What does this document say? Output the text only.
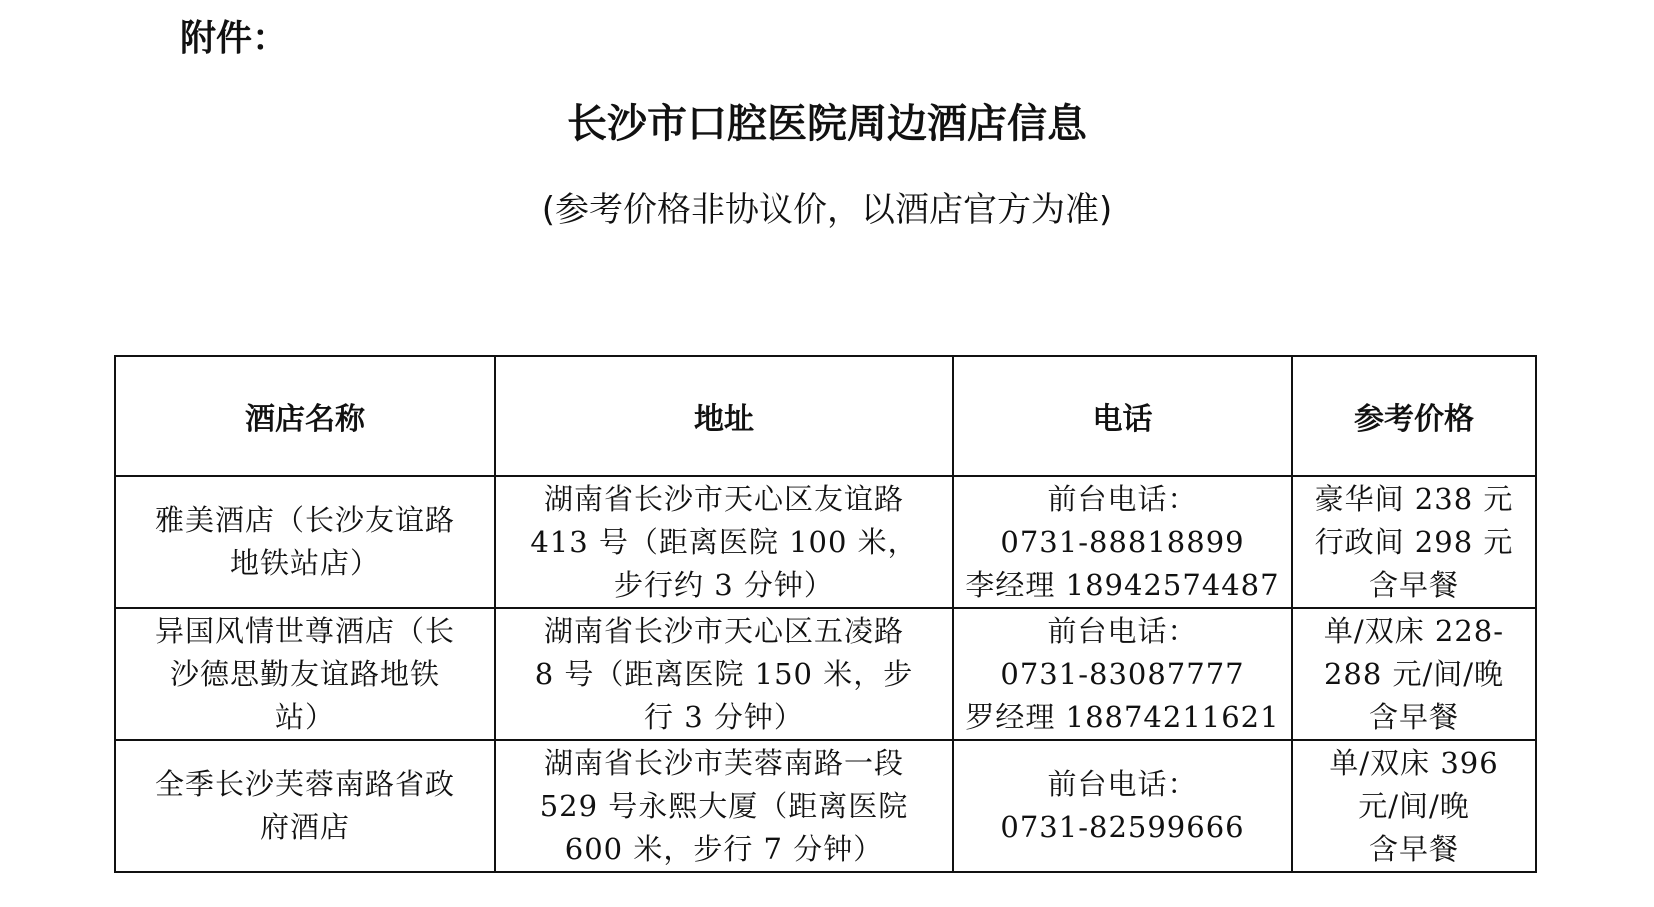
附件：

长沙市口腔医院周边酒店信息

(参考价格非协议价，以酒店官方为准)

酒店名称	地址	电话	参考价格

雅美酒店（长沙友谊路
地铁站店）	湖南省长沙市天心区友谊路
413 号（距离医院 100 米，
步行约 3 分钟）	前台电话：
0731-88818899
李经理 18942574487	豪华间 238 元
行政间 298 元
含早餐

异国风情世尊酒店（长
沙德思勤友谊路地铁
站）	湖南省长沙市天心区五凌路
8 号（距离医院 150 米，步
行 3 分钟）	前台电话：
0731-83087777
罗经理 18874211621	单/双床 228-
288 元/间/晚
含早餐

全季长沙芙蓉南路省政
府酒店	湖南省长沙市芙蓉南路一段
529 号永熙大厦（距离医院
600 米，步行 7 分钟）	前台电话：
0731-82599666	单/双床 396
元/间/晚
含早餐
